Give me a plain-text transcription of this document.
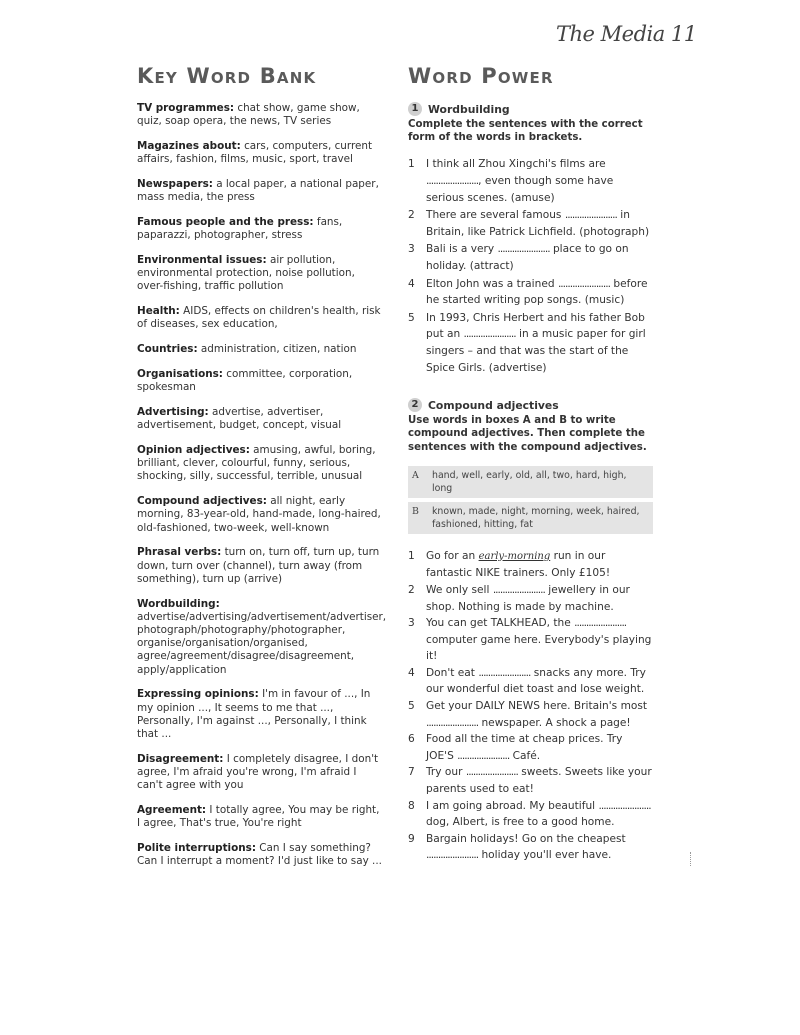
The Media 11
Key Word Bank

TV programmes: chat show, game show, quiz, soap opera, the news, TV series

Magazines about: cars, computers, current affairs, fashion, films, music, sport, travel

Newspapers: a local paper, a national paper, mass media, the press

Famous people and the press: fans, paparazzi, photographer, stress

Environmental issues: air pollution, environmental protection, noise pollution, over-fishing, traffic pollution

Health: AIDS, effects on children's health, risk of diseases, sex education,

Countries: administration, citizen, nation

Organisations: committee, corporation, spokesman

Advertising: advertise, advertiser, advertisement, budget, concept, visual

Opinion adjectives: amusing, awful, boring, brilliant, clever, colourful, funny, serious, shocking, silly, successful, terrible, unusual

Compound adjectives: all night, early morning, 83-year-old, hand-made, long-haired, old-fashioned, two-week, well-known

Phrasal verbs: turn on, turn off, turn up, turn down, turn over (channel), turn away (from something), turn up (arrive)

Wordbuilding: advertise/advertising/advertisement/advertiser, photograph/photography/photographer, organise/organisation/organised, agree/agreement/disagree/disagreement, apply/application

Expressing opinions: I'm in favour of ..., In my opinion ..., It seems to me that ..., Personally, I'm against ..., Personally, I think that ...

Disagreement: I completely disagree, I don't agree, I'm afraid you're wrong, I'm afraid I can't agree with you

Agreement: I totally agree, You may be right, I agree, That's true, You're right

Polite interruptions: Can I say something? Can I interrupt a moment? I'd just like to say ...

Word Power
1 Wordbuilding

Complete the sentences with the correct form of the words in brackets.

1	I think all Zhou Xingchi's films are ......................, even though some have serious scenes. (amuse)
2	There are several famous ...................... in Britain, like Patrick Lichfield. (photograph)
3	Bali is a very ...................... place to go on holiday. (attract)
4	Elton John was a trained ...................... before he started writing pop songs. (music)
5	In 1993, Chris Herbert and his father Bob put an ...................... in a music paper for girl singers – and that was the start of the Spice Girls. (advertise)
2 Compound adjectives

Use words in boxes A and B to write compound adjectives. Then complete the sentences with the compound adjectives.

A	hand, well, early, old, all, two, hard, high, long
B	known, made, night, morning, week, haired, fashioned, hitting, fat
1	Go for an early-morning run in our fantastic NIKE trainers. Only £105!
2	We only sell ...................... jewellery in our shop. Nothing is made by machine.
3	You can get TALKHEAD, the ...................... computer game here. Everybody's playing it!
4	Don't eat ...................... snacks any more. Try our wonderful diet toast and lose weight.
5	Get your DAILY NEWS here. Britain's most ...................... newspaper. A shock a page!
6	Food all the time at cheap prices. Try JOE'S ...................... Café.
7	Try our ...................... sweets. Sweets like your parents used to eat!
8	I am going abroad. My beautiful ...................... dog, Albert, is free to a good home.
9	Bargain holidays! Go on the cheapest ...................... holiday you'll ever have.
